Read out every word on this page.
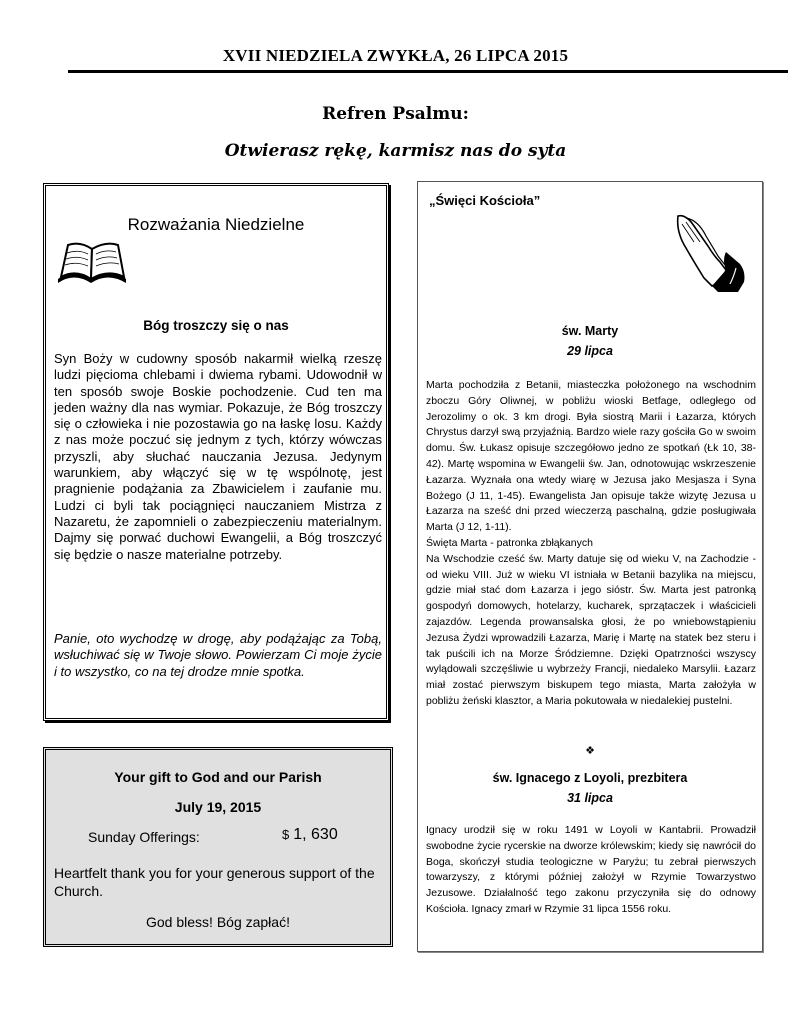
XVII NIEDZIELA ZWYKŁA, 26 LIPCA 2015
Refren Psalmu:
Otwierasz rękę, karmisz nas do syta
Rozważania Niedzielne
Bóg troszczy się o nas
Syn Boży w cudowny sposób nakarmił wielką rzeszę ludzi pięcioma chlebami i dwiema rybami. Udowodnił w ten sposób swoje Boskie pochodzenie. Cud ten ma jeden ważny dla nas wymiar. Pokazuje, że Bóg troszczy się o człowieka i nie pozostawia go na łaskę losu. Każdy z nas może poczuć się jednym z tych, którzy wówczas przyszli, aby słuchać nauczania Jezusa. Jedynym warunkiem, aby włączyć się w tę wspólnotę, jest pragnienie podążania za Zbawicielem i zaufanie mu. Ludzi ci byli tak pociągnięci nauczaniem Mistrza z Nazaretu, że zapomnieli o zabezpieczeniu materialnym. Dajmy się porwać duchowi Ewangelii, a Bóg troszczyć się będzie o nasze materialne potrzeby.
Panie, oto wychodzę w drogę, aby podążając za Tobą, wsłuchiwać się w Twoje słowo. Powierzam Ci moje życie i to wszystko, co na tej drodze mnie spotka.
Your gift to God and our Parish
July 19, 2015
Sunday Offerings:	$ 1, 630
Heartfelt thank you for your generous support of the Church.
God bless! Bóg zapłać!
„Święci Kościoła”
św. Marty
29 lipca

Marta pochodziła z Betanii, miasteczka położonego na wschodnim zboczu Góry Oliwnej, w pobliżu wioski Betfage, odległego od Jerozolimy o ok. 3 km drogi. Była siostrą Marii i Łazarza, których Chrystus darzył swą przyjaźnią. Bardzo wiele razy gościła Go w swoim domu. Św. Łukasz opisuje szczegółowo jedno ze spotkań (Łk 10, 38-42). Martę wspomina w Ewangelii św. Jan, odnotowując wskrzeszenie Łazarza. Wyznała ona wtedy wiarę w Jezusa jako Mesjasza i Syna Bożego (J 11, 1-45). Ewangelista Jan opisuje także wizytę Jezusa u Łazarza na sześć dni przed wieczerzą paschalną, gdzie posługiwała Marta (J 12, 1-11).

Święta Marta - patronka zbłąkanych

Na Wschodzie cześć św. Marty datuje się od wieku V, na Zachodzie - od wieku VIII. Już w wieku VI istniała w Betanii bazylika na miejscu, gdzie miał stać dom Łazarza i jego sióstr. Św. Marta jest patronką gospodyń domowych, hotelarzy, kucharek, sprzątaczek i właścicieli zajazdów. Legenda prowansalska głosi, że po wniebowstąpieniu Jezusa Żydzi wprowadzili Łazarza, Marię i Martę na statek bez steru i tak puścili ich na Morze Śródziemne. Dzięki Opatrzności wszyscy wylądowali szczęśliwie u wybrzeży Francji, niedaleko Marsylii. Łazarz miał zostać pierwszym biskupem tego miasta, Marta założyła w pobliżu żeński klasztor, a Maria pokutowała w niedalekiej pustelni.

❖
św. Ignacego z Loyoli, prezbitera
31 lipca
Ignacy urodził się w roku 1491 w Loyoli w Kantabrii. Prowadził swobodne życie rycerskie na dworze królewskim; kiedy się nawrócił do Boga, skończył studia teologiczne w Paryżu; tu zebrał pierwszych towarzyszy, z którymi później założył w Rzymie Towarzystwo Jezusowe. Działalność tego zakonu przyczyniła się do odnowy Kościoła. Ignacy zmarł w Rzymie 31 lipca 1556 roku.
